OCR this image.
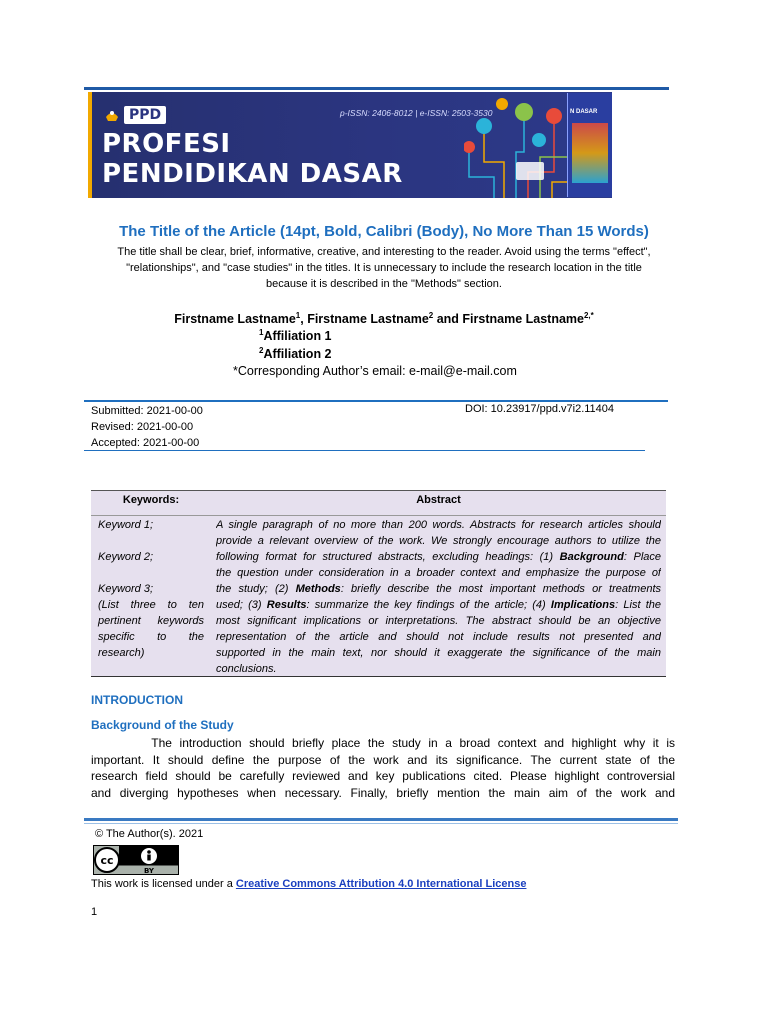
PPD	p-ISSN: 2406-8012 | e-ISSN: 2503-3530
PROFESI
PENDIDIKAN DASAR
N DASAR
The Title of the Article (14pt, Bold, Calibri (Body), No More Than 15 Words)
The title shall be clear, brief, informative, creative, and interesting to the reader. Avoid using the terms "effect",
"relationships", and "case studies" in the titles. It is unnecessary to include the research location in the title
because it is described in the "Methods" section.
Firstname Lastname$^1$, Firstname Lastname$^2$ and Firstname Lastname$^{2,*}$
$^1$Affiliation 1
$^2$Affiliation 2
*Corresponding Author’s email: e-mail@e-mail.com
Submitted: 2021-00-00
Revised: 2021-00-00
Accepted: 2021-00-00
DOI: 10.23917/ppd.v7i2.11404
Keywords:	Abstract
Keyword 1;
Keyword 2;
Keyword 3;
(List three to ten
pertinent keywords
specific to the
research)
A single paragraph of no more than 200 words. Abstracts for research articles should
provide a relevant overview of the work. We strongly encourage authors to utilize the
following format for structured abstracts, excluding headings: (1) Background: Place
the question under consideration in a broader context and emphasize the purpose of
the study; (2) Methods: briefly describe the most important methods or treatments
used; (3) Results: summarize the key findings of the article; (4) Implications: List the
most significant implications or interpretations. The abstract should be an objective
representation of the article and should not include results not presented and
supported in the main text, nor should it exaggerate the significance of the main
conclusions.
INTRODUCTION
Background of the Study
The introduction should briefly place the study in a broad context and highlight why it is
important. It should define the purpose of the work and its significance. The current state of the
research field should be carefully reviewed and key publications cited. Please highlight controversial
and diverging hypotheses when necessary. Finally, briefly mention the main aim of the work and
© The Author(s). 2021
cc
BY
This work is licensed under a Creative Commons Attribution 4.0 International License
1
